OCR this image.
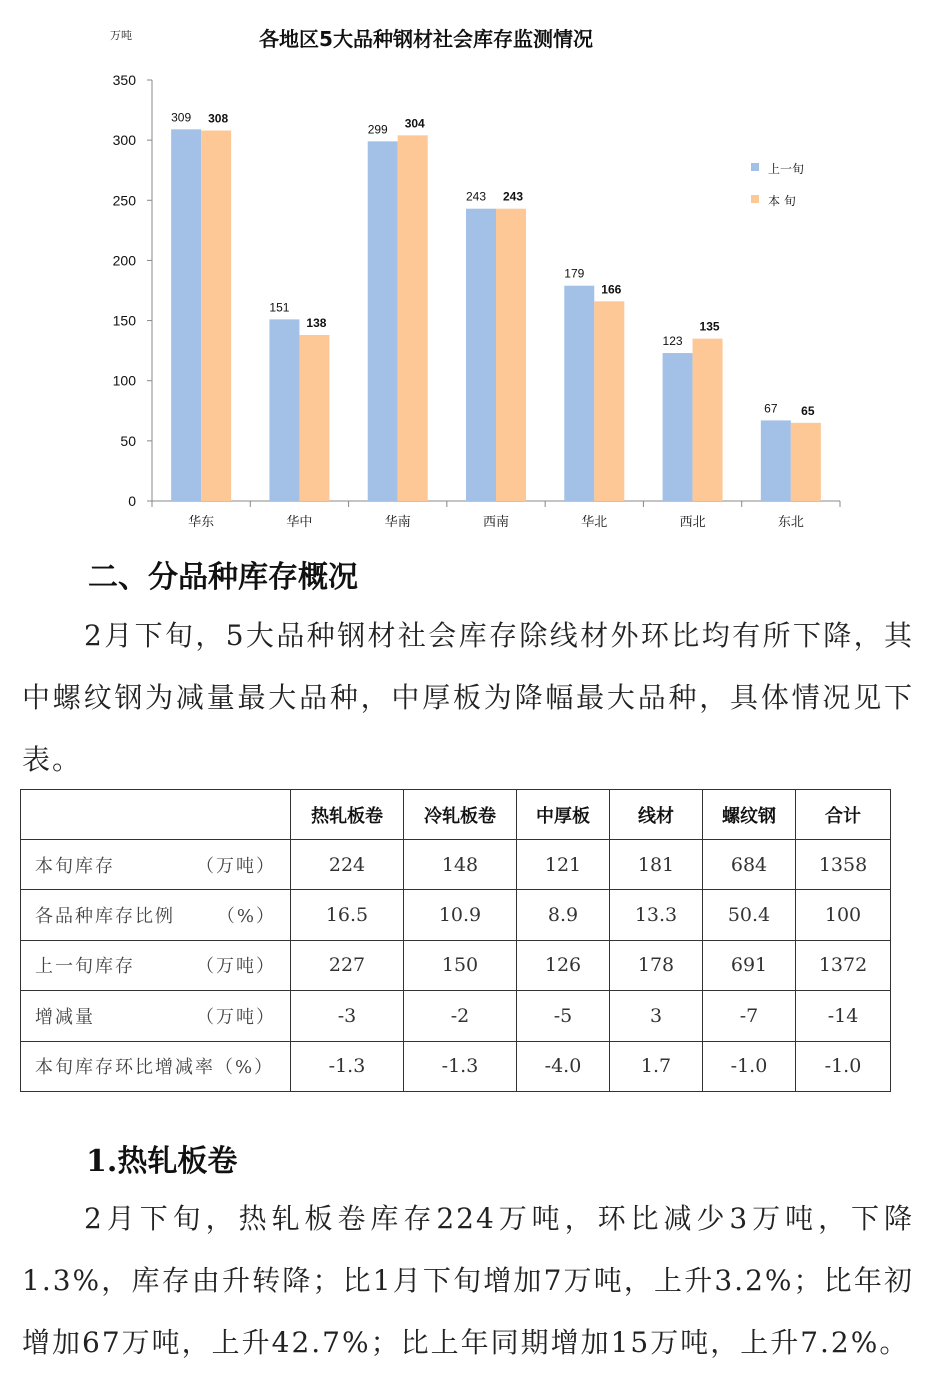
万吨	各地区5大品种钢材社会库存监测情况
0
50
100
150
200
250
300
350
华东	华中	华南	西南	华北	西北	东北
309
151
299
243
179
123
67
308
138
304
243
166
135
65
上一旬
本 旬
二、分品种库存概况

2月下旬，5大品种钢材社会库存除线材外环比均有所下降，其中螺纹钢为减量最大品种，中厚板为降幅最大品种，具体情况见下表。

	热轧板卷	冷轧板卷	中厚板	线材	螺纹钢	合计

本旬库存 （万吨）	224	148	121	181	684	1358

各品种库存比例 （%）	16.5	10.9	8.9	13.3	50.4	100

上一旬库存 （万吨）	227	150	126	178	691	1372

增减量 （万吨）	-3	-2	-5	3	-7	-14

本旬库存环比增减率（%）	-1.3	-1.3	-4.0	1.7	-1.0	-1.0
1.热轧板卷

2月下旬，热轧板卷库存224万吨，环比减少3万吨，下降1.3%，库存由升转降；比1月下旬增加7万吨，上升3.2%；比年初增加67万吨，上升42.7%；比上年同期增加15万吨，上升7.2%。
